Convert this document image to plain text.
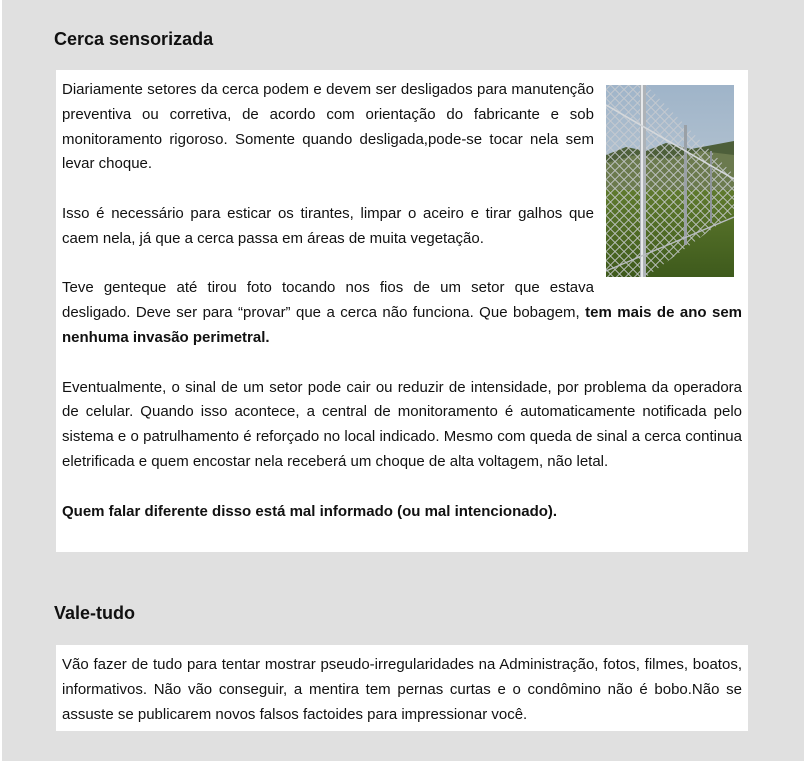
Cerca sensorizada

Diariamente setores da cerca podem e devem ser desligados para manutenção preventiva ou corretiva, de acordo com orientação do fabricante e sob monitoramento rigoroso. Somente quando desligada,pode-se tocar nela sem levar choque.

Isso é necessário para esticar os tirantes, limpar o aceiro e tirar galhos que caem nela, já que a cerca passa em áreas de muita vegetação.

Teve genteque até tirou foto tocando nos fios de um setor que estava desligado. Deve ser para “provar” que a cerca não funciona. Que bobagem, tem mais de ano sem nenhuma invasão perimetral.

Eventualmente, o sinal de um setor pode cair ou reduzir de intensidade, por problema da operadora de celular. Quando isso acontece, a central de monitoramento é automaticamente notificada pelo sistema e o patrulhamento é reforçado no local indicado. Mesmo com queda de sinal a cerca continua eletrificada e quem encostar nela receberá um choque de alta voltagem, não letal.

Quem falar diferente disso está mal informado (ou mal intencionado).

Vale-tudo

Vão fazer de tudo para tentar mostrar pseudo-irregularidades na Administração, fotos, filmes, boatos, informativos. Não vão conseguir, a mentira tem pernas curtas e o condômino não é bobo.Não se assuste se publicarem novos falsos factoides para impressionar você.
